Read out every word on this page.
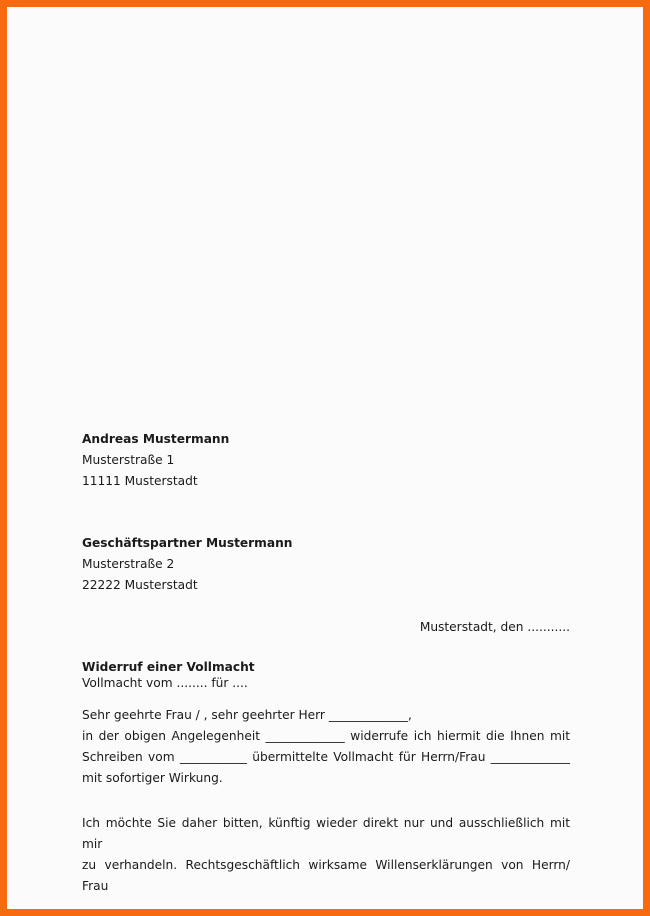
Andreas Mustermann
Musterstraße 1
11111 Musterstadt
Geschäftspartner Mustermann
Musterstraße 2
22222 Musterstadt
Musterstadt, den ...........
Widerruf einer Vollmacht
Vollmacht vom ........ für ....
Sehr geehrte Frau / , sehr geehrter Herr _____________,
in der obigen Angelegenheit _____________ widerrufe ich hiermit die Ihnen mit
Schreiben vom ___________ übermittelte Vollmacht für Herrn/Frau _____________
mit sofortiger Wirkung.
Ich möchte Sie daher bitten, künftig wieder direkt nur und ausschließlich mit mir
zu verhandeln. Rechtsgeschäftlich wirksame Willenserklärungen von Herrn/ Frau
